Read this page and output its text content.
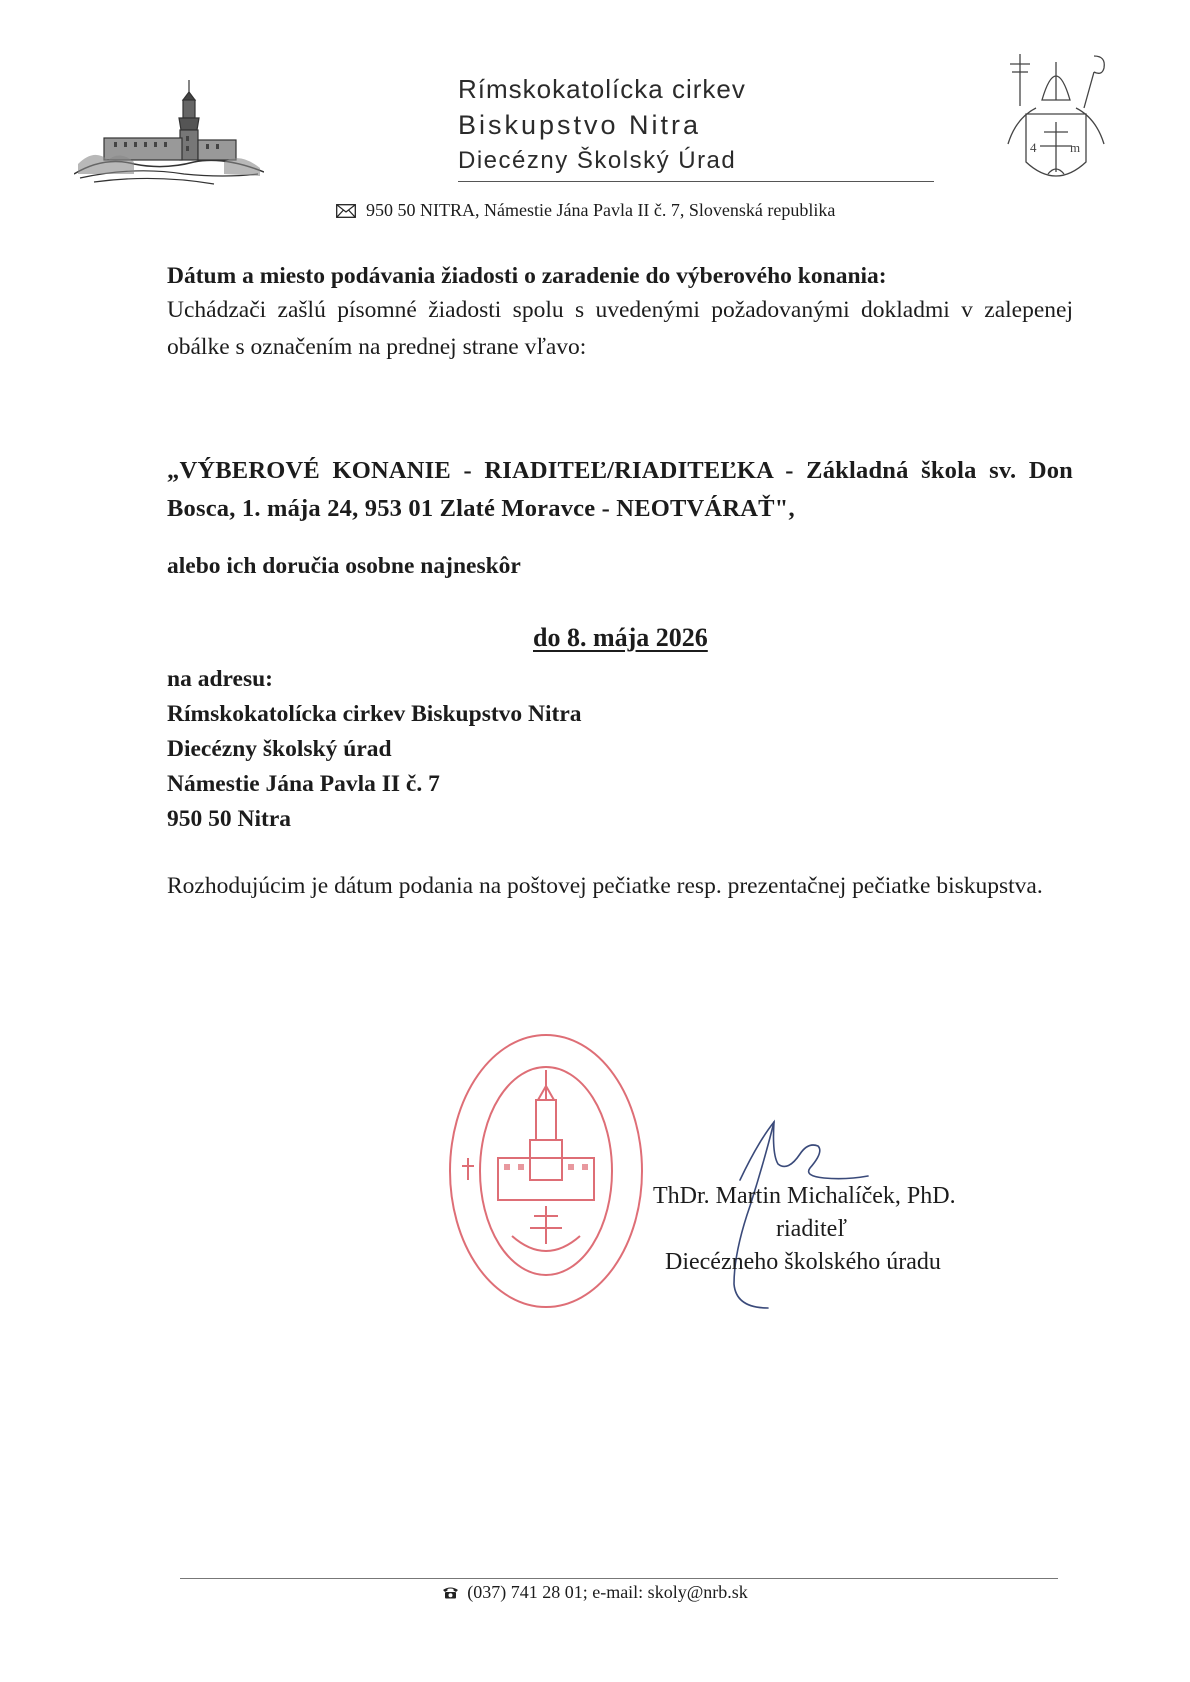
Rímskokatolícka cirkev
Biskupstvo Nitra
Diecézny Školský Úrad	4	m
950 50 NITRA, Námestie Jána Pavla II č. 7, Slovenská republika
Dátum a miesto podávania žiadosti o zaradenie do výberového konania:
Uchádzači zašlú písomné žiadosti spolu s uvedenými požadovanými dokladmi v zalepenej obálke s označením na prednej strane vľavo:
„VÝBEROVÉ KONANIE - RIADITEĽ/RIADITEĽKA - Základná škola sv. Don Bosca, 1. mája 24, 953 01 Zlaté Moravce - NEOTVÁRAŤ",
alebo ich doručia osobne najneskôr
do 8. mája 2026
na adresu:
Rímskokatolícka cirkev Biskupstvo Nitra
Diecézny školský úrad
Námestie Jána Pavla II č. 7
950 50 Nitra
Rozhodujúcim je dátum podania na poštovej pečiatke resp. prezentačnej pečiatke biskupstva.
ThDr. Martin Michalíček, PhD.
riaditeľ
Diecézneho školského úradu
(037) 741 28 01; e-mail: skoly@nrb.sk
